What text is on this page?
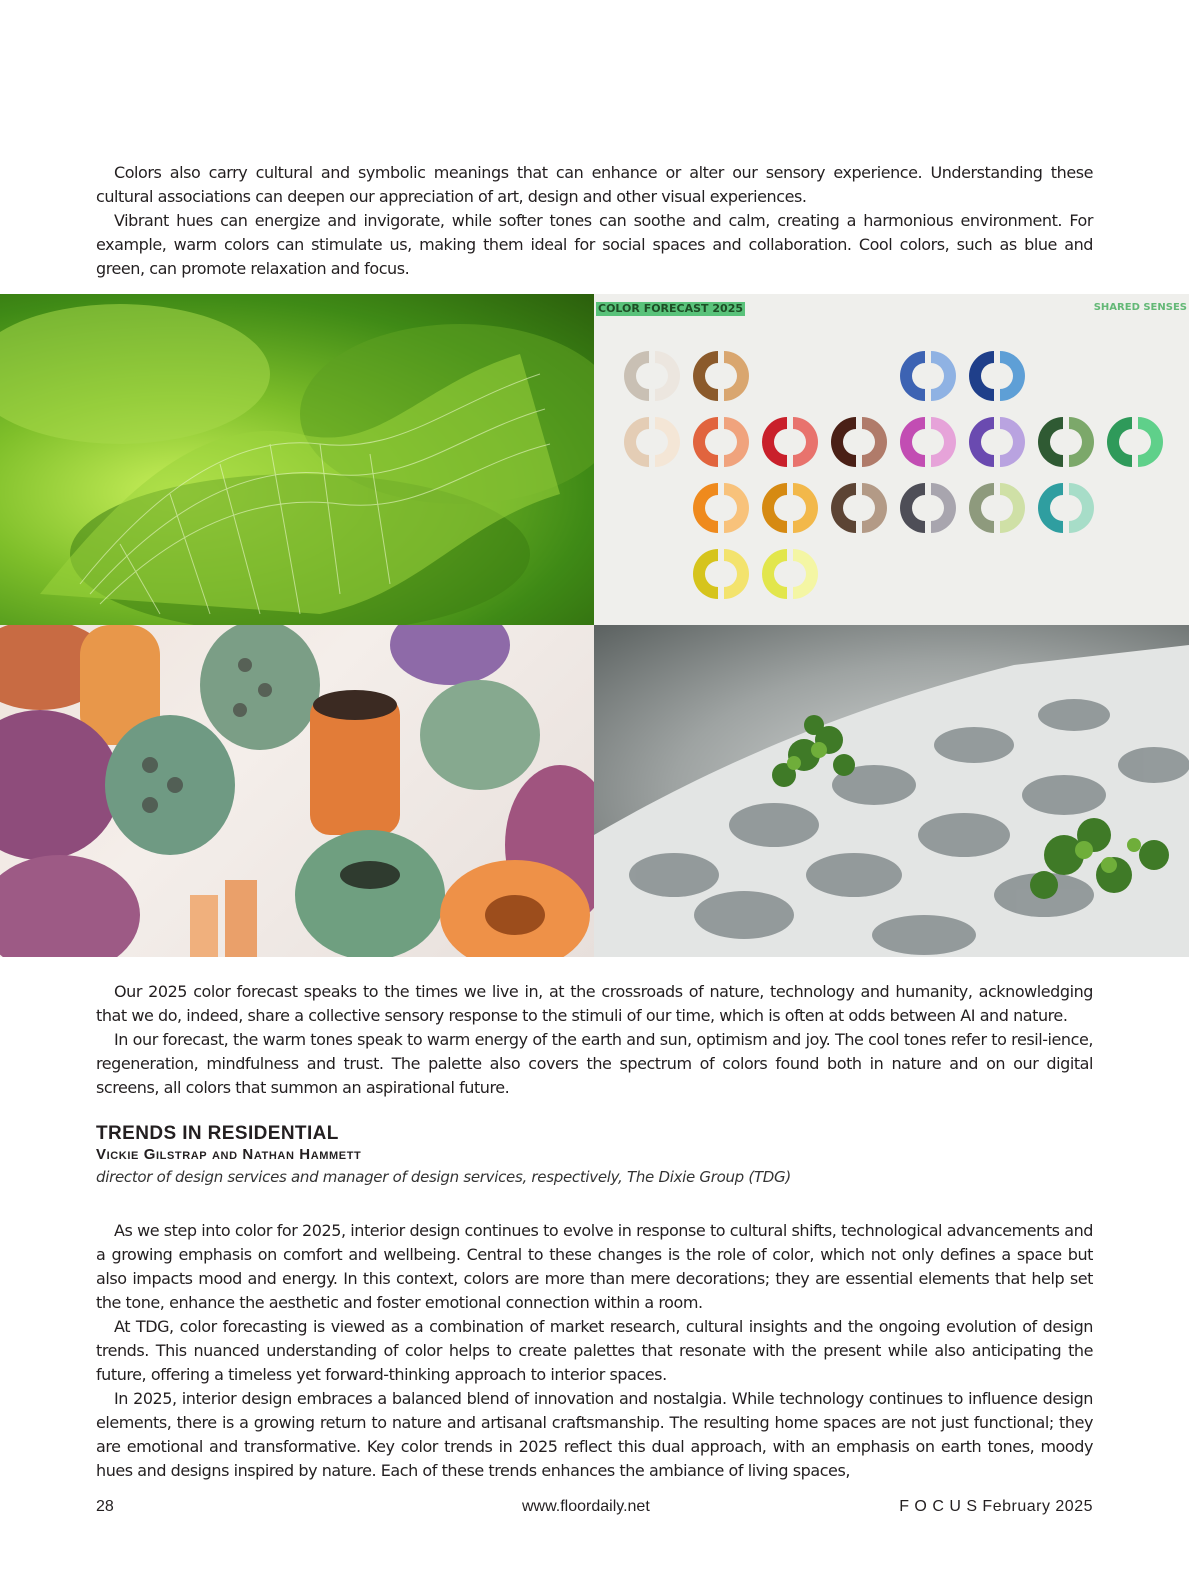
Colors also carry cultural and symbolic meanings that can enhance or alter our sensory experience. Understanding these cultural associations can deepen our appreciation of art, design and other visual experiences.

Vibrant hues can energize and invigorate, while softer tones can soothe and calm, creating a harmonious environment. For example, warm colors can stimulate us, making them ideal for social spaces and collaboration. Cool colors, such as blue and green, can promote relaxation and focus.

COLOR FORECAST 2025	SHARED SENSES

Our 2025 color forecast speaks to the times we live in, at the crossroads of nature, technology and humanity, acknowledging that we do, indeed, share a collective sensory response to the stimuli of our time, which is often at odds between AI and nature.

In our forecast, the warm tones speak to warm energy of the earth and sun, optimism and joy. The cool tones refer to resil-ience, regeneration, mindfulness and trust. The palette also covers the spectrum of colors found both in nature and on our digital screens, all colors that summon an aspirational future.

TRENDS IN RESIDENTIAL
Vickie Gilstrap and Nathan Hammett
director of design services and manager of design services, respectively, The Dixie Group (TDG)

As we step into color for 2025, interior design continues to evolve in response to cultural shifts, technological advancements and a growing emphasis on comfort and wellbeing. Central to these changes is the role of color, which not only defines a space but also impacts mood and energy. In this context, colors are more than mere decorations; they are essential elements that help set the tone, enhance the aesthetic and foster emotional connection within a room.

At TDG, color forecasting is viewed as a combination of market research, cultural insights and the ongoing evolution of design trends. This nuanced understanding of color helps to create palettes that resonate with the present while also anticipating the future, offering a timeless yet forward-thinking approach to interior spaces.

In 2025, interior design embraces a balanced blend of innovation and nostalgia. While technology continues to influence design elements, there is a growing return to nature and artisanal craftsmanship. The resulting home spaces are not just functional; they are emotional and transformative. Key color trends in 2025 reflect this dual approach, with an emphasis on earth tones, moody hues and designs inspired by nature. Each of these trends enhances the ambiance of living spaces,

28	www.floordaily.net	F O C U S February 2025
